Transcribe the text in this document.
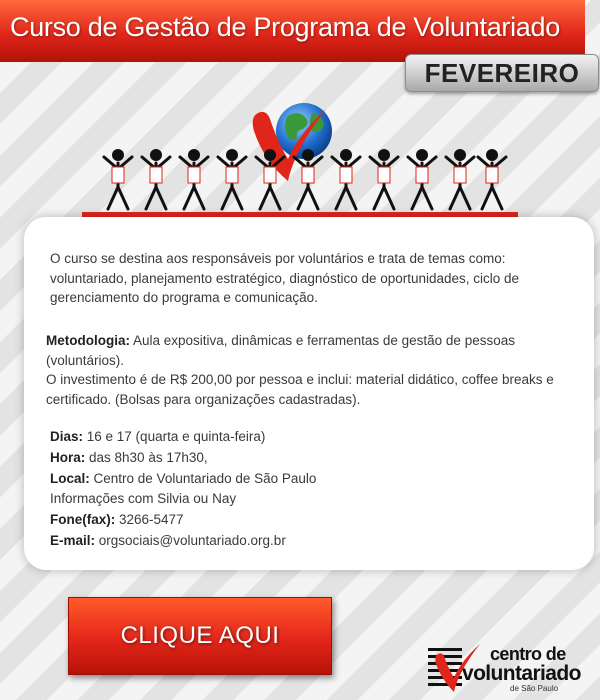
Curso de Gestão de Programa de Voluntariado
FEVEREIRO
O curso se destina aos responsáveis por voluntários e trata de temas como: voluntariado, planejamento estratégico, diagnóstico de oportunidades, ciclo de gerenciamento do programa e comunicação.
Metodologia: Aula expositiva, dinâmicas e ferramentas de gestão de pessoas (voluntários).
O investimento é de R$ 200,00 por pessoa e inclui: material didático, coffee breaks e certificado. (Bolsas para organizações cadastradas).
Dias: 16 e 17 (quarta e quinta-feira)
Hora: das 8h30 às 17h30,
Local: Centro de Voluntariado de São Paulo
Informações com Silvia ou Nay
Fone(fax): 3266-5477
E-mail: orgsociais@voluntariado.org.br
CLIQUE AQUI
centro de
voluntariado
de São Paulo
